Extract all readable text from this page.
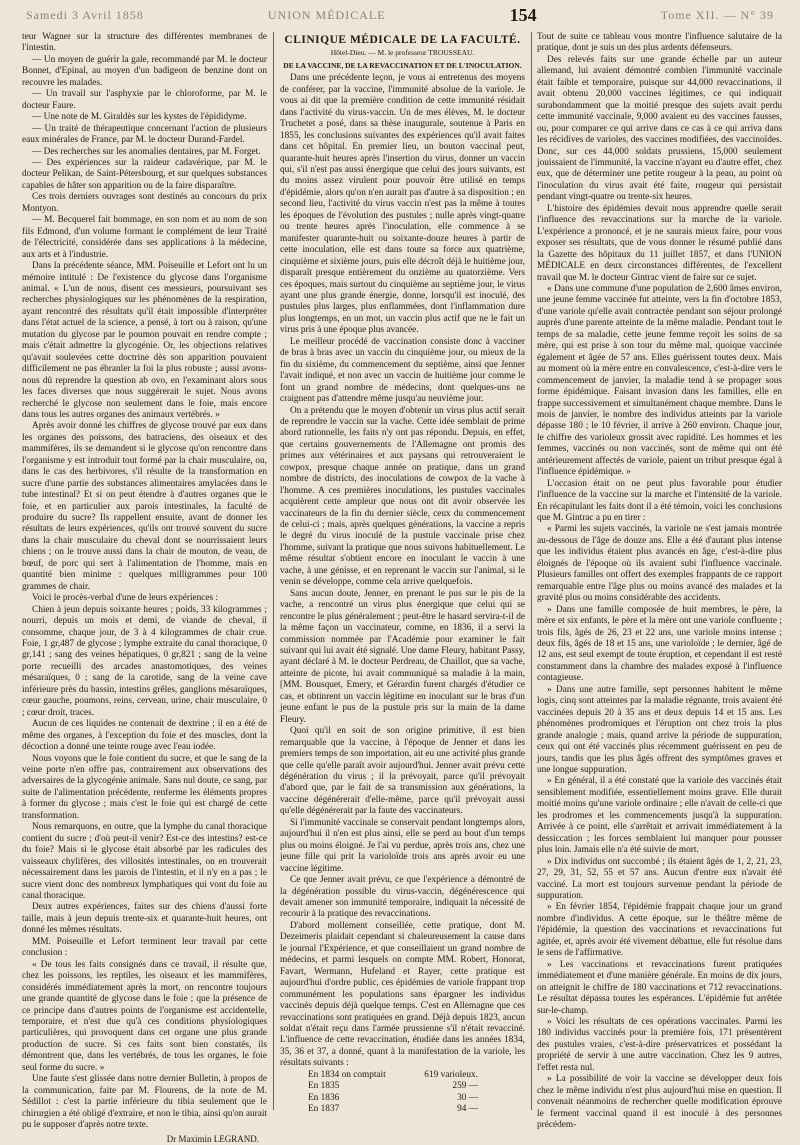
Samedi 3 Avril 1858	UNION MÉDICALE	154	Tome XII. — N° 39

teur Wagner sur la structure des différentes membranes de l'intestin.

— Un moyen de guérir la gale, recommandé par M. le docteur Bonnet, d'Epinal, au moyen d'un badigeon de benzine dont on recouvre les malades.

— Un travail sur l'asphyxie par le chloroforme, par M. le docteur Faure.

— Une note de M. Giraldès sur les kystes de l'épididyme.

— Un traité de thérapeutique concernant l'action de plusieurs eaux minérales de France, par M. le docteur Durand-Fardel.

— Des recherches sur les anomalies dentaires, par M. Forget.

— Des expériences sur la raideur cadavérique, par M. le docteur Pelikan, de Saint-Pétersbourg, et sur quelques substances capables de hâter son apparition ou de la faire disparaître.

Ces trois derniers ouvrages sont destinés au concours du prix Montyon.

— M. Becquerel fait hommage, en son nom et au nom de son fils Edmond, d'un volume formant le complément de leur Traité de l'électricité, considérée dans ses applications à la médecine, aux arts et à l'industrie.

Dans la précédente séance, MM. Poiseuille et Lefort ont lu un mémoire intitulé : De l'existence du glycose dans l'organisme animal. « L'un de nous, disent ces messieurs, poursuivant ses recherches physiologiques sur les phénomènes de la respiration, ayant rencontré des résultats qu'il était impossible d'interpréter dans l'état actuel de la science, a pensé, à tort ou à raison, qu'une mutation du glycose par le poumon pouvait en rendre compte ; mais c'était admettre la glycogénie. Or, les objections relatives qu'avait soulevées cette doctrine dès son apparition pouvaient difficilement ne pas ébranler la foi la plus robuste ; aussi avons-nous dû reprendre la question ab ovo, en l'examinant alors sous les faces diverses que nous suggérerait le sujet. Nous avons recherché le glycose non seulement dans le foie, mais encore dans tous les autres organes des animaux vertébrés. »

Après avoir donné les chiffres de glycose trouvé par eux dans les organes des poissons, des batraciens, des oiseaux et des mammifères, ils se demandent si le glycose qu'on rencontre dans l'organisme y est introduit tout formé par la chair musculaire, ou, dans le cas des herbivores, s'il résulte de la transformation en sucre d'une partie des substances alimentaires amylacées dans le tube intestinal? Et si on peut étendre à d'autres organes que le foie, et en particulier aux parois intestinales, la faculté de produire du sucre? Ils rappellent ensuite, avant de donner les résultats de leurs expériences, qu'ils ont trouvé souvent du sucre dans la chair musculaire du cheval dont se nourrissaient leurs chiens ; on le trouve aussi dans la chair de mouton, de veau, de bœuf, de porc qui sert à l'alimentation de l'homme, mais en quantité bien minime : quelques milligrammes pour 100 grammes de chair.

Voici le procès-verbal d'une de leurs expériences :

Chien à jeun depuis soixante heures ; poids, 33 kilogrammes ; nourri, depuis un mois et demi, de viande de cheval, il consomme, chaque jour, de 3 à 4 kilogrammes de chair crue. Foie, 1 gr,487 de glycose ; lymphe extraite du canal thoracique, 0 gr,141 ; sang des veines hépatiques, 0 gr,821 ; sang de la veine porte recueilli des arcades anastomotiques, des veines mésaraïques, 0 ; sang de la carotide, sang de la veine cave inférieure près du bassin, intestins grêles, ganglions mésaraïques, cœur gauche, poumons, reins, cerveau, urine, chair musculaire, 0 ; cœur droit, traces.

Aucun de ces liquides ne contenait de dextrine ; il en a été de même des organes, à l'exception du foie et des muscles, dont la décoction a donné une teinte rouge avec l'eau iodée.

Nous voyons que le foie contient du sucre, et que le sang de la veine porte n'en offre pas, contrairement aux observations des adversaires de la glycogénie animale. Sans nul doute, ce sang, par suite de l'alimentation précédente, renferme les éléments propres à former du glycose ; mais c'est le foie qui est chargé de cette transformation.

Nous remarquons, en outre, que la lymphe du canal thoracique contient du sucre ; d'où peut-il venir? Est-ce des intestins? est-ce du foie? Mais si le glycose était absorbé par les radicules des vaisseaux chylifères, des villosités intestinales, on en trouverait nécessairement dans les parois de l'intestin, et il n'y en a pas ; le sucre vient donc des nombreux lymphatiques qui vont du foie au canal thoracique.

Deux autres expériences, faites sur des chiens d'aussi forte taille, mais à jeun depuis trente-six et quarante-huit heures, ont donné les mêmes résultats.

MM. Poiseuille et Lefort terminent leur travail par cette conclusion :

« De tous les faits consignés dans ce travail, il résulte que, chez les poissons, les reptiles, les oiseaux et les mammifères, considérés immédiatement après la mort, on rencontre toujours une grande quantité de glycose dans le foie ; que la présence de ce principe dans d'autres points de l'organisme est accidentelle, temporaire, et n'est due qu'à ces conditions physiologiques particulières, qui provoquent dans cet organe une plus grande production de sucre. Si ces faits sont bien constatés, ils démontrent que, dans les vertébrés, de tous les organes, le foie seul forme du sucre. »

Une faute s'est glissée dans notre dernier Bulletin, à propos de la communication, faite par M. Flourens, de la note de M. Sédillot : c'est la partie inférieure du tibia seulement que le chirurgien a été obligé d'extraire, et non le tibia, ainsi qu'on aurait pu le supposer d'après notre texte.

Dr Maximin LEGRAND.
CLINIQUE MÉDICALE DE LA FACULTÉ.
Hôtel-Dieu. — M. le professeur TROUSSEAU.
DE LA VACCINE, DE LA REVACCINATION ET DE L'INOCULATION.

Dans une précédente leçon, je vous ai entretenus des moyens de conférer, par la vaccine, l'immunité absolue de la variole. Je vous ai dit que la première condition de cette immunité résidait dans l'activité du virus-vaccin. Un de mes élèves, M. le docteur Truchetet a posé, dans sa thèse inaugurale, soutenue à Paris en 1855, les conclusions suivantes des expériences qu'il avait faites dans cet hôpital. En premier lieu, un bouton vaccinal peut, quarante-huit heures après l'insertion du virus, donner un vaccin qui, s'il n'est pas aussi énergique que celui des jours suivants, est du moins assez virulent pour pouvoir être utilisé en temps d'épidémie, alors qu'on n'en aurait pas d'autre à sa disposition ; en second lieu, l'activité du virus vaccin n'est pas la même à toutes les époques de l'évolution des pustules ; nulle après vingt-quatre ou trente heures après l'inoculation, elle commence à se manifester quarante-huit ou soixante-douze heures à partir de cette inoculation, elle est dans toute sa force aux quatrième, cinquième et sixième jours, puis elle décroît déjà le huitième jour, disparaît presque entièrement du onzième au quatorzième. Vers ces époques, mais surtout du cinquième au septième jour, le virus ayant une plus grande énergie, donne, lorsqu'il est inoculé, des pustules plus larges, plus enflammées, dont l'inflammation dure plus longtemps, en un mot, un vaccin plus actif que ne le fait un virus pris à une époque plus avancée.

Le meilleur procédé de vaccination consiste donc à vacciner de bras à bras avec un vaccin du cinquième jour, ou mieux de la fin du sixième, du commencement du septième, ainsi que Jenner l'avait indiqué, et non avec un vaccin de huitième jour comme le font un grand nombre de médecins, dont quelques-uns ne craignent pas d'attendre même jusqu'au neuvième jour.

On a prétendu que le moyen d'obtenir un virus plus actif serait de reprendre le vaccin sur la vache. Cette idée semblait de prime abord rationnelle, les faits n'y ont pas répondu. Depuis, en effet, que certains gouvernements de l'Allemagne ont promis des primes aux vétérinaires et aux paysans qui retrouveraient le cowpox, presque chaque année on pratique, dans un grand nombre de districts, des inoculations de cowpox de la vache à l'homme. A ces premières inoculations, les pustules vaccinales acquièrent cette ampleur que nous ont dit avoir observée les vaccinateurs de la fin du dernier siècle, ceux du commencement de celui-ci ; mais, après quelques générations, la vaccine a repris le degré du virus inoculé de la pustule vaccinale prise chez l'homme, suivant la pratique que nous suivons habituellement. Le même résultat s'obtient encore en inoculant le vaccin à une vache, à une génisse, et en reprenant le vaccin sur l'animal, si le venin se développe, comme cela arrive quelquefois.

Sans aucun doute, Jenner, en prenant le pus sur le pis de la vache, a rencontré un virus plus énergique que celui qui se rencontre le plus généralement ; peut-être le hasard servira-t-il de la même façon un vaccinateur, comme, en 1836, il a servi la commission nommée par l'Académie pour examiner le fait suivant qui lui avait été signalé. Une dame Fleury, habitant Passy, ayant déclaré à M. le docteur Perdreau, de Chaillot, que sa vache, atteinte de picote, lui avait communiqué sa maladie à la main, [MM. Bousquet, Emery, et Gérardin furent chargés d'étudier ce cas, et obtinrent un vaccin légitime en inoculant sur le bras d'un jeune enfant le pus de la pustule pris sur la main de la dame Fleury.

Quoi qu'il en soit de son origine primitive, il est bien remarquable que la vaccine, à l'époque de Jenner et dans les premiers temps de son importation, ait eu une activité plus grande que celle qu'elle paraît avoir aujourd'hui. Jenner avait prévu cette dégénération du virus ; il la prévoyait, parce qu'il prévoyait d'abord que, par le fait de sa transmission aux générations, la vaccine dégénérerait d'elle-même, parce qu'il prévoyait aussi qu'elle dégénérerait par la faute des vaccinateurs.

Si l'immunité vaccinale se conservait pendant longtemps alors, aujourd'hui il n'en est plus ainsi, elle se perd au bout d'un temps plus ou moins éloigné. Je l'ai vu perdue, après trois ans, chez une jeune fille qui prit la varioloïde trois ans après avoir eu une vaccine légitime.

Ce que Jenner avait prévu, ce que l'expérience a démontré de la dégénération possible du virus-vaccin, dégénérescence qui devait amener son immunité temporaire, indiquait la nécessité de recourir à la pratique des revaccinations.

D'abord mollement conseillée, cette pratique, dont M. Dezeimeris plaidait cependant si chaleureusement la cause dans le journal l'Expérience, et que conseillaient un grand nombre de médecins, et parmi lesquels on compte MM. Robert, Honorat, Favart, Wermann, Hufeland et Rayer, cette pratique est aujourd'hui d'ordre public, ces épidémies de variole frappant trop communément les populations sans épargner les individus vaccinés depuis déjà quelque temps. C'est en Allemagne que ces revaccinations sont pratiquées en grand. Déjà depuis 1823, aucun soldat n'était reçu dans l'armée prussienne s'il n'était revacciné. L'influence de cette revaccination, étudiée dans les années 1834, 35, 36 et 37, a donné, quant à la manifestation de la variole, les résultats suivants :

En 1834 on comptait	619 varioleux.
En 1835	259 —
En 1836	30 —
En 1837	94 —

Tout de suite ce tableau vous montre l'influence salutaire de la pratique, dont je suis un des plus ardents défenseurs.

Des relevés faits sur une grande échelle par un auteur allemand, lui avaient démontré combien l'immunité vaccinale était faible et temporaire, puisque sur 44,000 revaccinations, il avait obtenu 20,000 vaccines légitimes, ce qui indiquait surabondamment que la moitié presque des sujets avait perdu cette immunité vaccinale, 9,000 avaient eu des vaccines fausses, ou, pour comparer ce qui arrive dans ce cas à ce qui arriva dans les récidives de varioles, des vaccines modifiées, des vaccinoïdes. Donc, sur ces 44,000 soldats prussiens, 15,000 seulement jouissaient de l'immunité, la vaccine n'ayant eu d'autre effet, chez eux, que de déterminer une petite rougeur à la peau, au point où l'inoculation du virus avait été faite, rougeur qui persistait pendant vingt-quatre ou trente-six heures.

L'histoire des épidémies devait nous apprendre quelle serait l'influence des revaccinations sur la marche de la variole. L'expérience a prononcé, et je ne saurais mieux faire, pour vous exposer ses résultats, que de vous donner le résumé publié dans la Gazette des hôpitaux du 11 juillet 1857, et dans l'UNION MÉDICALE en deux circonstances différentes, de l'excellent travail que M. le docteur Gintrac vient de faire sur ce sujet.

« Dans une commune d'une population de 2,600 âmes environ, une jeune femme vaccinée fut atteinte, vers la fin d'octobre 1853, d'une variole qu'elle avait contractée pendant son séjour prolongé auprès d'une parente atteinte de la même maladie. Pendant tout le temps de sa maladie, cette jeune femme reçoit les soins de sa mère, qui est prise à son tour du même mal, quoique vaccinée également et âgée de 57 ans. Elles guérissent toutes deux. Mais au moment où la mère entre en convalescence, c'est-à-dire vers le commencement de janvier, la maladie tend à se propager sous forme épidémique. Faisant invasion dans les familles, elle en frappe successivement et simultanément chaque membre. Dans le mois de janvier, le nombre des individus atteints par la variole dépasse 180 ; le 10 février, il arrive à 260 environ. Chaque jour, le chiffre des varioleux grossit avec rapidité. Les hommes et les femmes, vaccinés ou non vaccinés, sont de même qui ont été antérieurement affectés de variole, paient un tribut presque égal à l'influence épidémique. »

L'occasion était on ne peut plus favorable pour étudier l'influence de la vaccine sur la marche et l'intensité de la variole. En récapitulant les faits dont il a été témoin, voici les conclusions que M. Gintrac a pu en tirer :

« Parmi les sujets vaccinés, la variole ne s'est jamais montrée au-dessous de l'âge de douze ans. Elle a été d'autant plus intense que les individus étaient plus avancés en âge, c'est-à-dire plus éloignés de l'époque où ils avaient subi l'influence vaccinale. Plusieurs familles ont offert des exemples frappants de ce rapport remarquable entre l'âge plus ou moins avancé des malades et la gravité plus ou moins considérable des accidents.

» Dans une famille composée de huit membres, le père, la mère et six enfants, le père et la mère ont une variole confluente ; trois fils, âgés de 26, 23 et 22 ans, une variole moins intense ; deux fils, âgés de 18 et 15 ans, une varioloïde ; le dernier, âgé de 12 ans, est seul exempt de toute éruption, et cependant il est resté constamment dans la chambre des malades exposé à l'influence contagieuse.

» Dans une autre famille, sept personnes habitent le même logis, cinq sont atteintes par la maladie régnante, trois avaient été vaccinées depuis 20 à 35 ans et deux depuis 14 et 15 ans. Les phénomènes prodromiques et l'éruption ont chez trois la plus grande analogie ; mais, quand arrive la période de suppuration, ceux qui ont été vaccinés plus récemment guérissent en peu de jours, tandis que les plus âgés offrent des symptômes graves et une longue suppuration.

» En général, il a été constaté que la variole des vaccinés était sensiblement modifiée, essentiellement moins grave. Elle durait moitié moins qu'une variole ordinaire ; elle n'avait de celle-ci que les prodromes et les commencements jusqu'à la suppuration. Arrivée à ce point, elle s'arrêtait et arrivait immédiatement à la dessiccation ; les forces semblaient lui manquer pour pousser plus loin. Jamais elle n'a été suivie de mort.

» Dix individus ont succombé ; ils étaient âgés de 1, 2, 21, 23, 27, 29, 31, 52, 55 et 57 ans. Aucun d'entre eux n'avait été vacciné. La mort est toujours survenue pendant la période de suppuration.

» En février 1854, l'épidémie frappait chaque jour un grand nombre d'individus. A cette époque, sur le théâtre même de l'épidémie, la question des vaccinations et revaccinations fut agitée, et, après avoir été vivement débattue, elle fut résolue dans le sens de l'affirmative.

» Les vaccinations et revaccinations furent pratiquées immédiatement et d'une manière générale. En moins de dix jours, on atteignit le chiffre de 180 vaccinations et 712 revaccinations. Le résultat dépassa toutes les espérances. L'épidémie fut arrêtée sur-le-champ.

» Voici les résultats de ces opérations vaccinales. Parmi les 180 individus vaccinés pour la première fois, 171 présentèrent des pustules vraies, c'est-à-dire préservatrices et possédant la propriété de servir à une autre vaccination. Chez les 9 autres, l'effet resta nul.

» La possibilité de voir la vaccine se développer deux fois chez le même individu n'est plus aujourd'hui mise en question. Il convenait néanmoins de rechercher quelle modification éprouve le ferment vaccinal quand il est inoculé à des personnes précédem-
